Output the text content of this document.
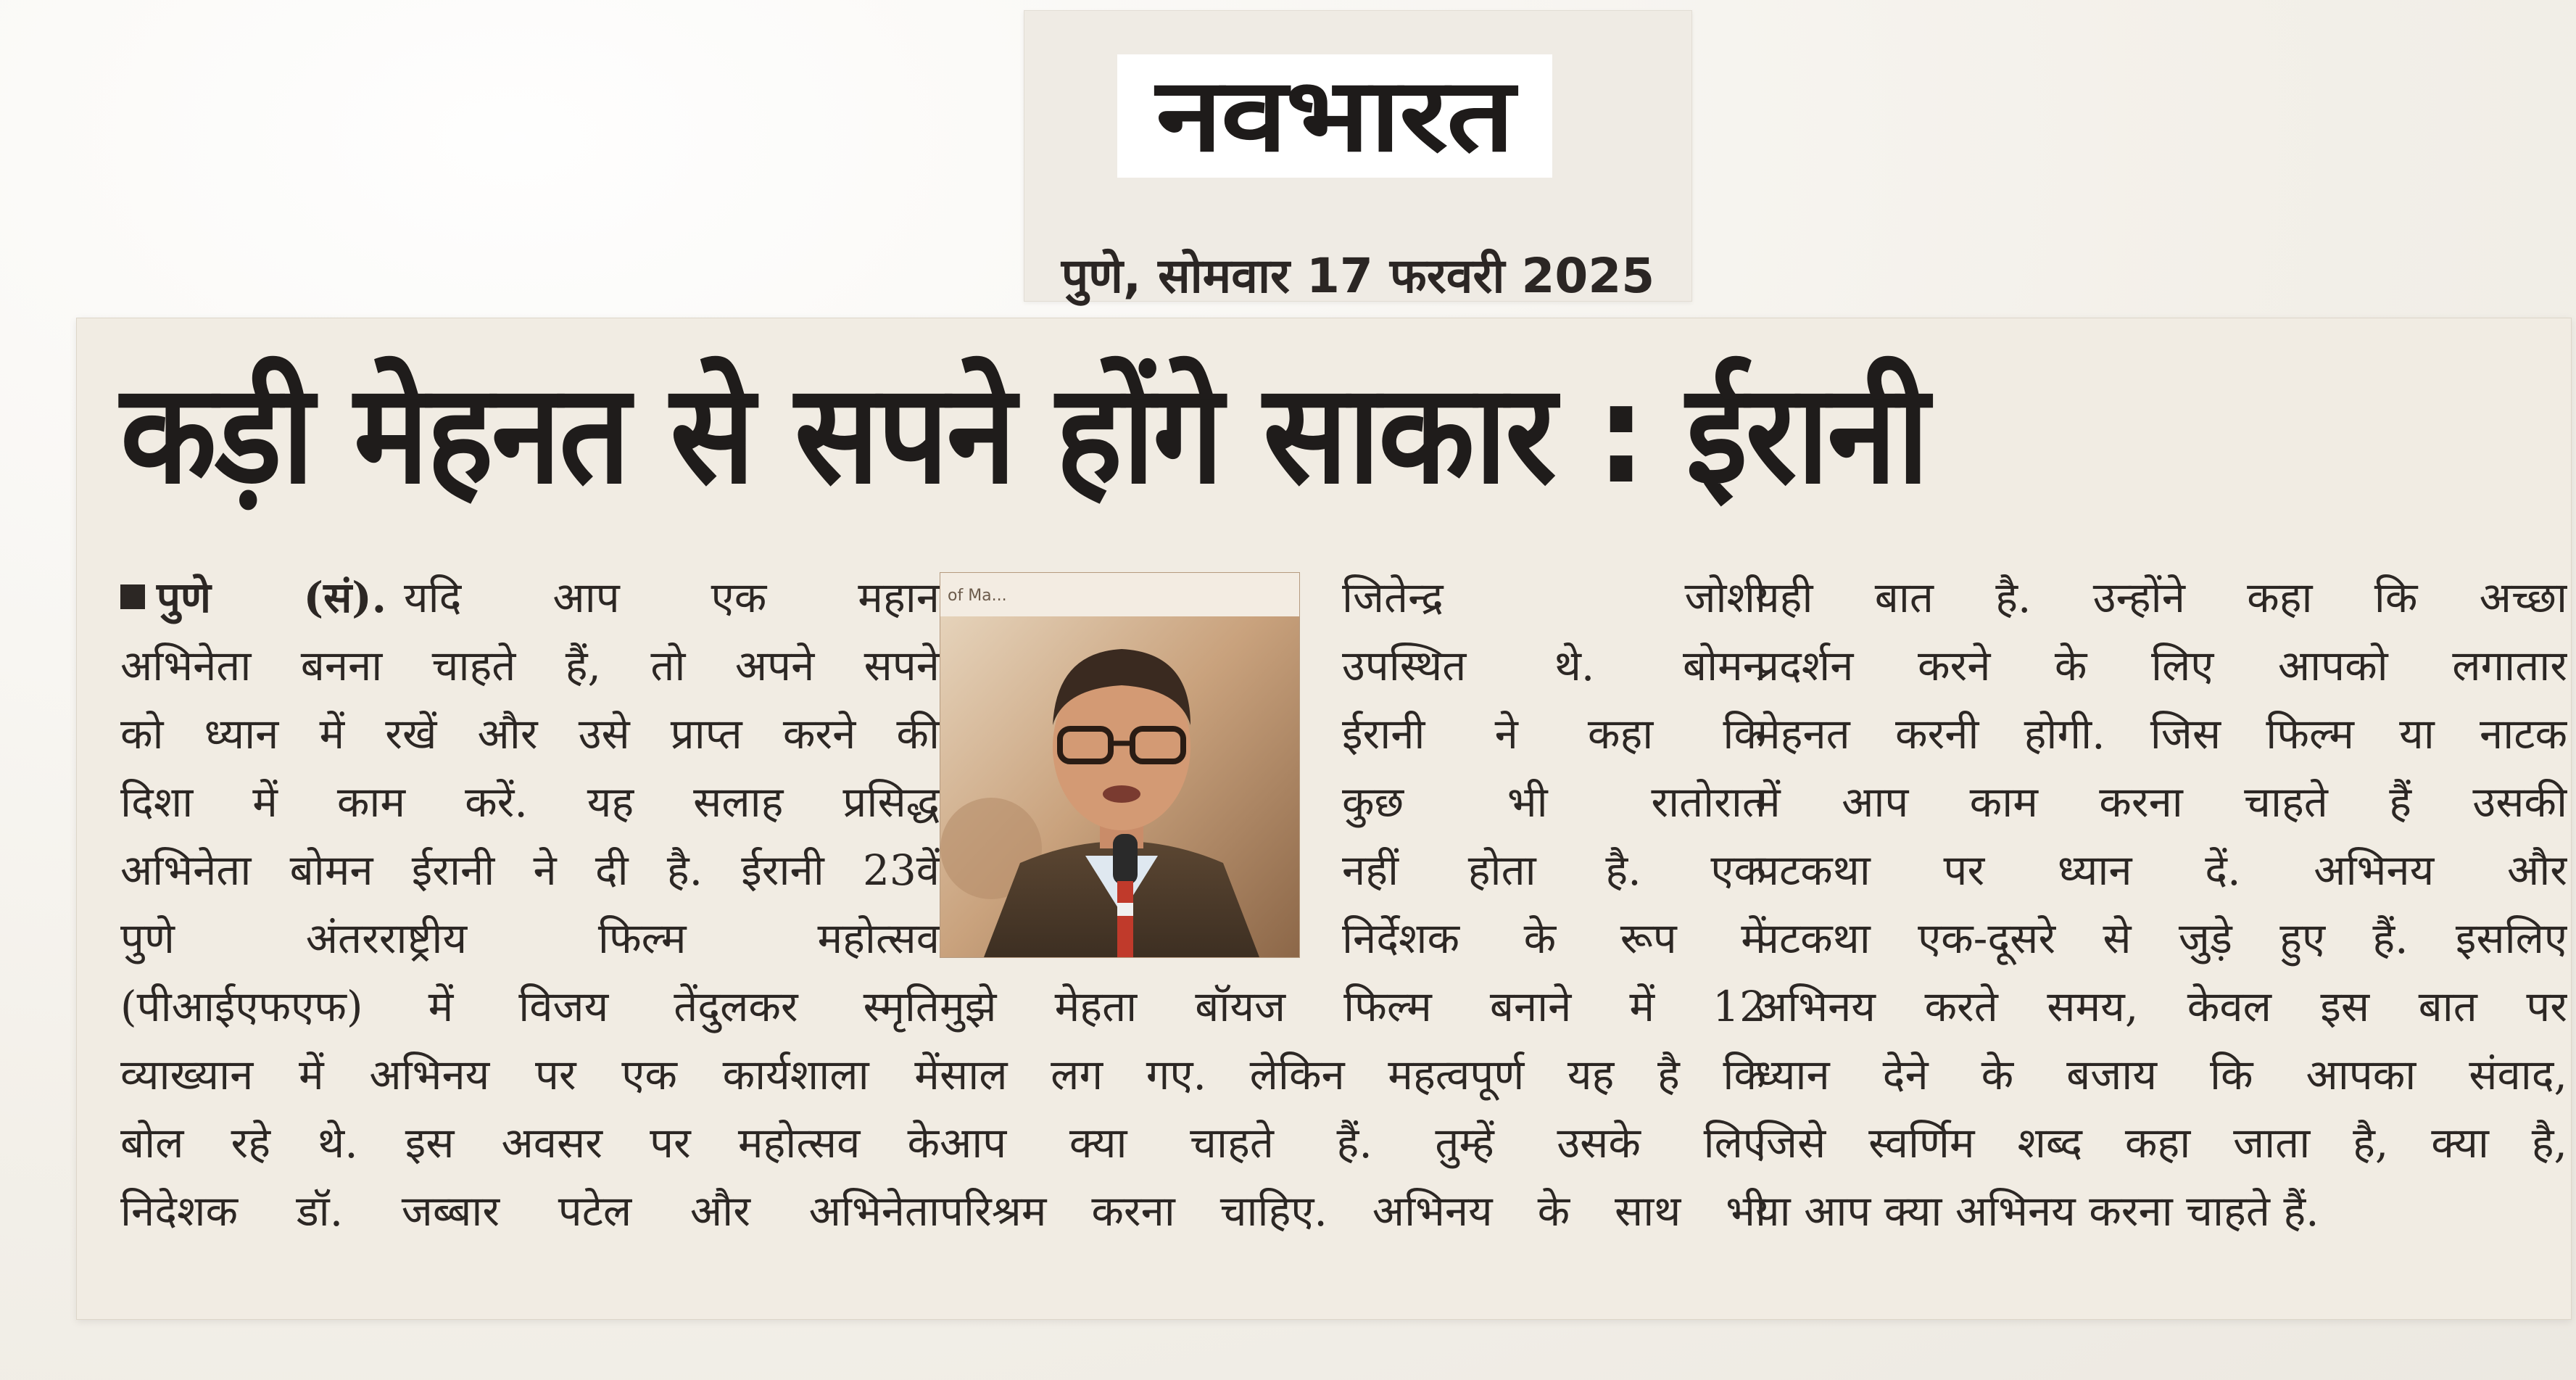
नवभारत
पुणे, सोमवार 17 फरवरी 2025
कड़ी मेहनत से सपने होंगे साकार : ईरानी
पुणे (सं). यदि आप एक महान
अभिनेता बनना चाहते हैं, तो अपने सपने
को ध्यान में रखें और उसे प्राप्त करने की
दिशा में काम करें. यह सलाह प्रसिद्ध
अभिनेता बोमन ईरानी ने दी है. ईरानी 23वें
पुणे अंतरराष्ट्रीय फिल्म महोत्सव
(पीआईएफएफ) में विजय तेंदुलकर स्मृति
व्याख्यान में अभिनय पर एक कार्यशाला में
बोल रहे थे. इस अवसर पर महोत्सव के
निदेशक डॉ. जब्बार पटेल और अभिनेता
of Ma...	जितेन्द्र जोशी
उपस्थित थे. बोमन
ईरानी ने कहा कि
कुछ भी रातोरात
नहीं होता है. एक
निर्देशक के रूप में
मुझे मेहता बॉयज फिल्म बनाने में 12
साल लग गए. लेकिन महत्वपूर्ण यह है कि
आप क्या चाहते हैं. तुम्हें उसके लिए
परिश्रम करना चाहिए. अभिनय के साथ भी
यही बात है. उन्होंने कहा कि अच्छा
प्रदर्शन करने के लिए आपको लगातार
मेहनत करनी होगी. जिस फिल्म या नाटक
में आप काम करना चाहते हैं उसकी
पटकथा पर ध्यान दें. अभिनय और
पटकथा एक-दूसरे से जुड़े हुए हैं. इसलिए
अभिनय करते समय, केवल इस बात पर
ध्यान देने के बजाय कि आपका संवाद,
जिसे स्वर्णिम शब्द कहा जाता है, क्या है,
या आप क्या अभिनय करना चाहते हैं.
